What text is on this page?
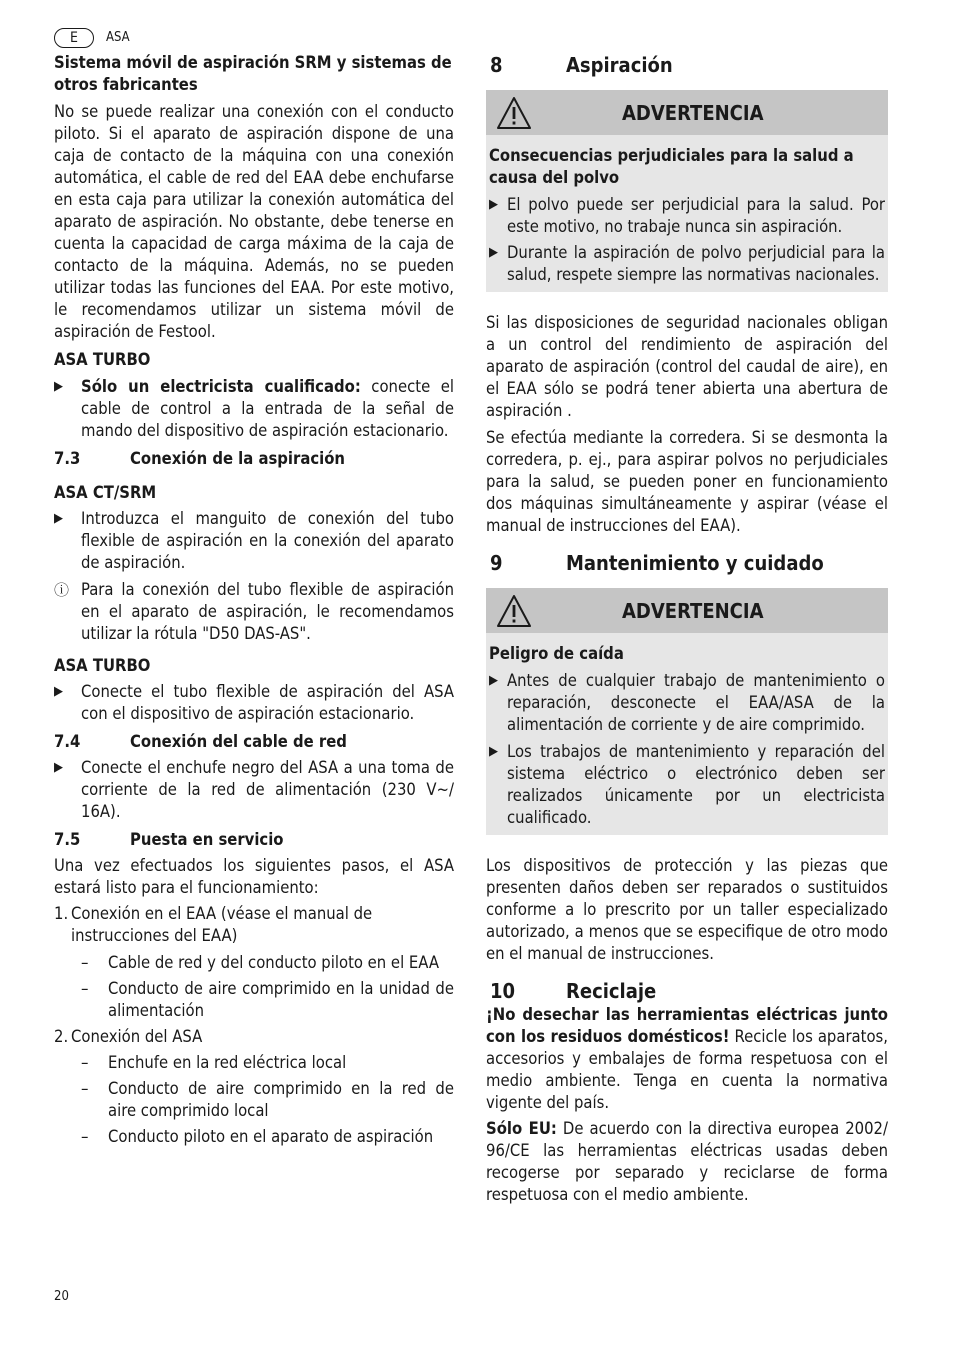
E	ASA

Sistema móvil de aspiración SRM y sistemas de otros fabricantes

No se puede realizar una conexión con el conducto piloto. Si el aparato de aspiración dispone de una caja de contacto de la máquina con una conexión automática, el cable de red del EAA debe enchufarse en esta caja para utilizar la conexión automática del aparato de aspiración. No obstante, debe tenerse en cuenta la capacidad de carga máxima de la caja de contacto de la máquina. Además, no se pueden utilizar todas las funciones del EAA. Por este motivo, le recomendamos utilizar un sistema móvil de aspiración de Festool.

ASA TURBO

▶	Sólo un electricista cualificado: conecte el cable de control a la entrada de la señal de mando del dispositivo de aspiración estacionario.
7.3	Conexión de la aspiración

ASA CT/SRM

▶	Introduzca el manguito de conexión del tubo flexible de aspiración en la conexión del aparato de aspiración.
ⓘ Para la conexión del tubo flexible de aspiración en el aparato de aspiración, le recomendamos utilizar la rótula "D50 DAS-AS".

ASA TURBO

▶	Conecte el tubo flexible de aspiración del ASA con el dispositivo de aspiración estacionario.
7.4	Conexión del cable de red
▶	Conecte el enchufe negro del ASA a una toma de corriente de la red de alimentación (230 V~/ 16A).
7.5	Puesta en servicio

Una vez efectuados los siguientes pasos, el ASA estará listo para el funcionamiento:

1. Conexión en el EAA (véase el manual de instrucciones del EAA)
–	Cable de red y del conducto piloto en el EAA
–	Conducto de aire comprimido en la unidad de alimentación
2. Conexión del ASA
–	Enchufe en la red eléctrica local
–	Conducto de aire comprimido en la red de aire comprimido local
–	Conducto piloto en el aparato de aspiración
8	Aspiración
ADVERTENCIA

Consecuencias perjudiciales para la salud a causa del polvo

▶ El polvo puede ser perjudicial para la salud. Por este motivo, no trabaje nunca sin aspiración.
▶ Durante la aspiración de polvo perjudicial para la salud, respete siempre las normativas nacionales.

Si las disposiciones de seguridad nacionales obligan a un control del rendimiento de aspiración del aparato de aspiración (control del caudal de aire), en el EAA sólo se podrá tener abierta una abertura de aspiración .

Se efectúa mediante la corredera. Si se desmonta la corredera, p. ej., para aspirar polvos no perjudiciales para la salud, se pueden poner en funcionamiento dos máquinas simultáneamente y aspirar (véase el manual de instrucciones del EAA).

9	Mantenimiento y cuidado
ADVERTENCIA

Peligro de caída

▶ Antes de cualquier trabajo de mantenimiento o reparación, desconecte el EAA/ASA de la alimentación de corriente y de aire comprimido.
▶ Los trabajos de mantenimiento y reparación del sistema eléctrico o electrónico deben ser realizados únicamente por un electricista cualificado.

Los dispositivos de protección y las piezas que presenten daños deben ser reparados o sustituidos conforme a lo prescrito por un taller especializado autorizado, a menos que se especifique de otro modo en el manual de instrucciones.

10	Reciclaje

¡No desechar las herramientas eléctricas junto con los residuos domésticos! Recicle los aparatos, accesorios y embalajes de forma respetuosa con el medio ambiente. Tenga en cuenta la normativa vigente del país.

Sólo EU: De acuerdo con la directiva europea 2002/ 96/CE las herramientas eléctricas usadas deben recogerse por separado y reciclarse de forma respetuosa con el medio ambiente.

20
